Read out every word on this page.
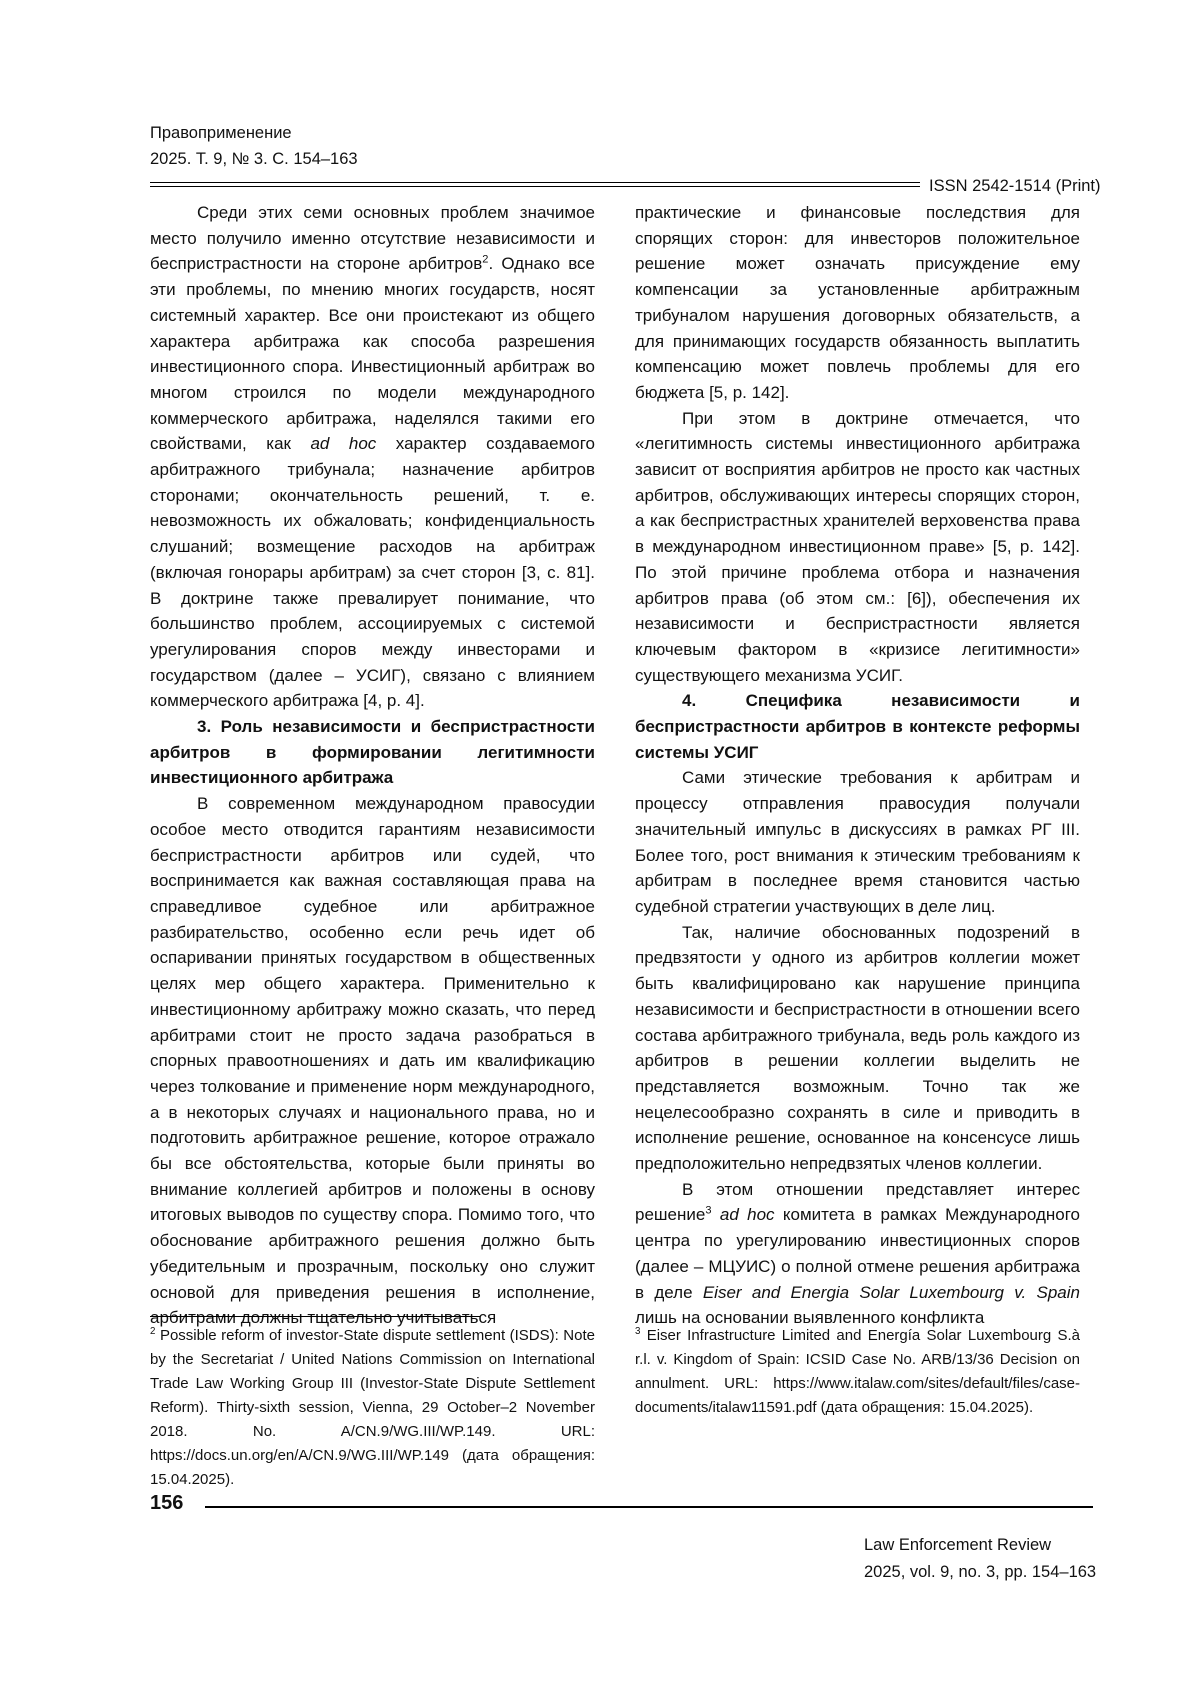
Правоприменение
2025. Т. 9, № 3. С. 154–163
ISSN 2542-1514 (Print)
Среди этих семи основных проблем значимое место получило именно отсутствие независимости и беспристрастности на стороне арбитров$^2$. Однако все эти проблемы, по мнению многих государств, носят системный характер. Все они проистекают из общего характера арбитража как способа разрешения инвестиционного спора. Инвестиционный арбитраж во многом строился по модели международного коммерческого арбитража, наделялся такими его свойствами, как ad hoc характер создаваемого арбитражного трибунала; назначение арбитров сторонами; окончательность решений, т. е. невозможность их обжаловать; конфиденциальность слушаний; возмещение расходов на арбитраж (включая гонорары арбитрам) за счет сторон [3, с. 81]. В доктрине также превалирует понимание, что большинство проблем, ассоциируемых с системой урегулирования споров между инвесторами и государством (далее – УСИГ), связано с влиянием коммерческого арбитража [4, p. 4].
3. Роль независимости и беспристрастности арбитров в формировании легитимности инвестиционного арбитража
В современном международном правосудии особое место отводится гарантиям независимости беспристрастности арбитров или судей, что воспринимается как важная составляющая права на справедливое судебное или арбитражное разбирательство, особенно если речь идет об оспаривании принятых государством в общественных целях мер общего характера. Применительно к инвестиционному арбитражу можно сказать, что перед арбитрами стоит не просто задача разобраться в спорных правоотношениях и дать им квалификацию через толкование и применение норм международного, а в некоторых случаях и национального права, но и подготовить арбитражное решение, которое отражало бы все обстоятельства, которые были приняты во внимание коллегией арбитров и положены в основу итоговых выводов по существу спора. Помимо того, что обоснование арбитражного решения должно быть убедительным и прозрачным, поскольку оно служит основой для приведения решения в исполнение, арбитрами должны тщательно учитываться
практические и финансовые последствия для спорящих сторон: для инвесторов положительное решение может означать присуждение ему компенсации за установленные арбитражным трибуналом нарушения договорных обязательств, а для принимающих государств обязанность выплатить компенсацию может повлечь проблемы для его бюджета [5, p. 142].
При этом в доктрине отмечается, что «легитимность системы инвестиционного арбитража зависит от восприятия арбитров не просто как частных арбитров, обслуживающих интересы спорящих сторон, а как беспристрастных хранителей верховенства права в международном инвестиционном праве» [5, p. 142]. По этой причине проблема отбора и назначения арбитров права (об этом см.: [6]), обеспечения их независимости и беспристрастности является ключевым фактором в «кризисе легитимности» существующего механизма УСИГ.
4. Специфика независимости и беспристрастности арбитров в контексте реформы системы УСИГ
Сами этические требования к арбитрам и процессу отправления правосудия получали значительный импульс в дискуссиях в рамках РГ III. Более того, рост внимания к этическим требованиям к арбитрам в последнее время становится частью судебной стратегии участвующих в деле лиц.
Так, наличие обоснованных подозрений в предвзятости у одного из арбитров коллегии может быть квалифицировано как нарушение принципа независимости и беспристрастности в отношении всего состава арбитражного трибунала, ведь роль каждого из арбитров в решении коллегии выделить не представляется возможным. Точно так же нецелесообразно сохранять в силе и приводить в исполнение решение, основанное на консенсусе лишь предположительно непредвзятых членов коллегии.
В этом отношении представляет интерес решение$^3$ ad hoc комитета в рамках Международного центра по урегулированию инвестиционных споров (далее – МЦУИС) о полной отмене решения арбитража в деле Eiser and Energia Solar Luxembourg v. Spain лишь на основании выявленного конфликта
$^2$ Possible reform of investor-State dispute settlement (ISDS): Note by the Secretariat / United Nations Commission on International Trade Law Working Group III (Investor-State Dispute Settlement Reform). Thirty-sixth session, Vienna, 29 October–2 November 2018. No. A/CN.9/WG.III/WP.149. URL: https://docs.un.org/en/A/CN.9/WG.III/WP.149 (дата обращения: 15.04.2025).
$^3$ Eiser Infrastructure Limited and Energía Solar Luxembourg S.à r.l. v. Kingdom of Spain: ICSID Case No. ARB/13/36 Decision on annulment. URL: https://www.italaw.com/sites/default/files/case-documents/italaw11591.pdf (дата обращения: 15.04.2025).
156
Law Enforcement Review
2025, vol. 9, no. 3, pp. 154–163
